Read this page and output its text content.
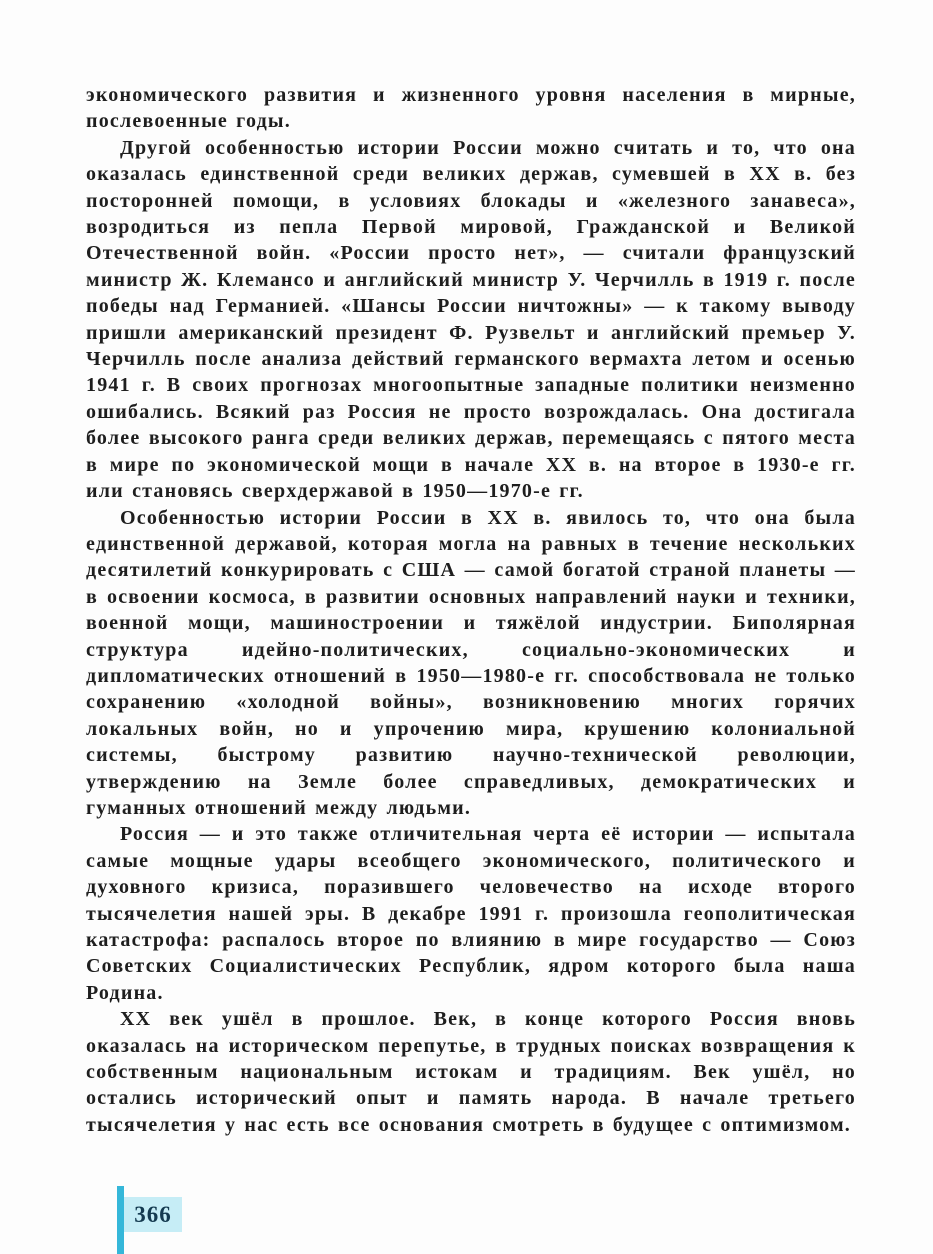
экономического развития и жизненного уровня населения в мирные, послевоенные годы.

Другой особенностью истории России можно считать и то, что она оказалась единственной среди великих держав, сумевшей в XX в. без посторонней помощи, в условиях блокады и «железного занавеса», возродиться из пепла Первой мировой, Гражданской и Великой Отечественной войн. «России просто нет», — считали французский министр Ж. Клемансо и английский министр У. Черчилль в 1919 г. после победы над Германией. «Шансы России ничтожны» — к такому выводу пришли американский президент Ф. Рузвельт и английский премьер У. Черчилль после анализа действий германского вермахта летом и осенью 1941 г. В своих прогнозах многоопытные западные политики неизменно ошибались. Всякий раз Россия не просто возрождалась. Она достигала более высокого ранга среди великих держав, перемещаясь с пятого места в мире по экономической мощи в начале XX в. на второе в 1930-е гг. или становясь сверхдержавой в 1950—1970-е гг.

Особенностью истории России в XX в. явилось то, что она была единственной державой, которая могла на равных в течение нескольких десятилетий конкурировать с США — самой богатой страной планеты — в освоении космоса, в развитии основных направлений науки и техники, военной мощи, машиностроении и тяжёлой индустрии. Биполярная структура идейно-политических, социально-экономических и дипломатических отношений в 1950—1980-е гг. способствовала не только сохранению «холодной войны», возникновению многих горячих локальных войн, но и упрочению мира, крушению колониальной системы, быстрому развитию научно-технической революции, утверждению на Земле более справедливых, демократических и гуманных отношений между людьми.

Россия — и это также отличительная черта её истории — испытала самые мощные удары всеобщего экономического, политического и духовного кризиса, поразившего человечество на исходе второго тысячелетия нашей эры. В декабре 1991 г. произошла геополитическая катастрофа: распалось второе по влиянию в мире государство — Союз Советских Социалистических Республик, ядром которого была наша Родина.

XX век ушёл в прошлое. Век, в конце которого Россия вновь оказалась на историческом перепутье, в трудных поисках возвращения к собственным национальным истокам и традициям. Век ушёл, но остались исторический опыт и память народа. В начале третьего тысячелетия у нас есть все основания смотреть в будущее с оптимизмом.

366
